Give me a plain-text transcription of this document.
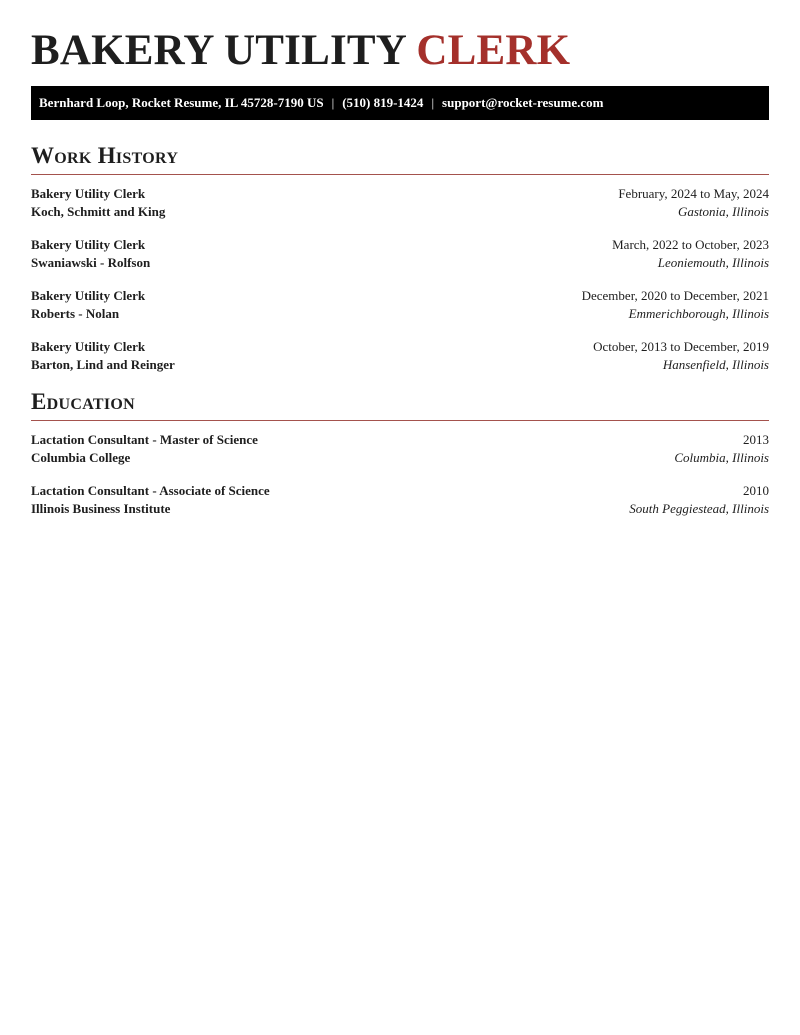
BAKERY UTILITY CLERK
Bernhard Loop, Rocket Resume, IL 45728-7190 US | (510) 819-1424 | support@rocket-resume.com
Work History
Bakery Utility Clerk	February, 2024 to May, 2024
Koch, Schmitt and King	Gastonia, Illinois
Bakery Utility Clerk	March, 2022 to October, 2023
Swaniawski - Rolfson	Leoniemouth, Illinois
Bakery Utility Clerk	December, 2020 to December, 2021
Roberts - Nolan	Emmerichborough, Illinois
Bakery Utility Clerk	October, 2013 to December, 2019
Barton, Lind and Reinger	Hansenfield, Illinois
Education
Lactation Consultant - Master of Science	2013
Columbia College	Columbia, Illinois
Lactation Consultant - Associate of Science	2010
Illinois Business Institute	South Peggiestead, Illinois
